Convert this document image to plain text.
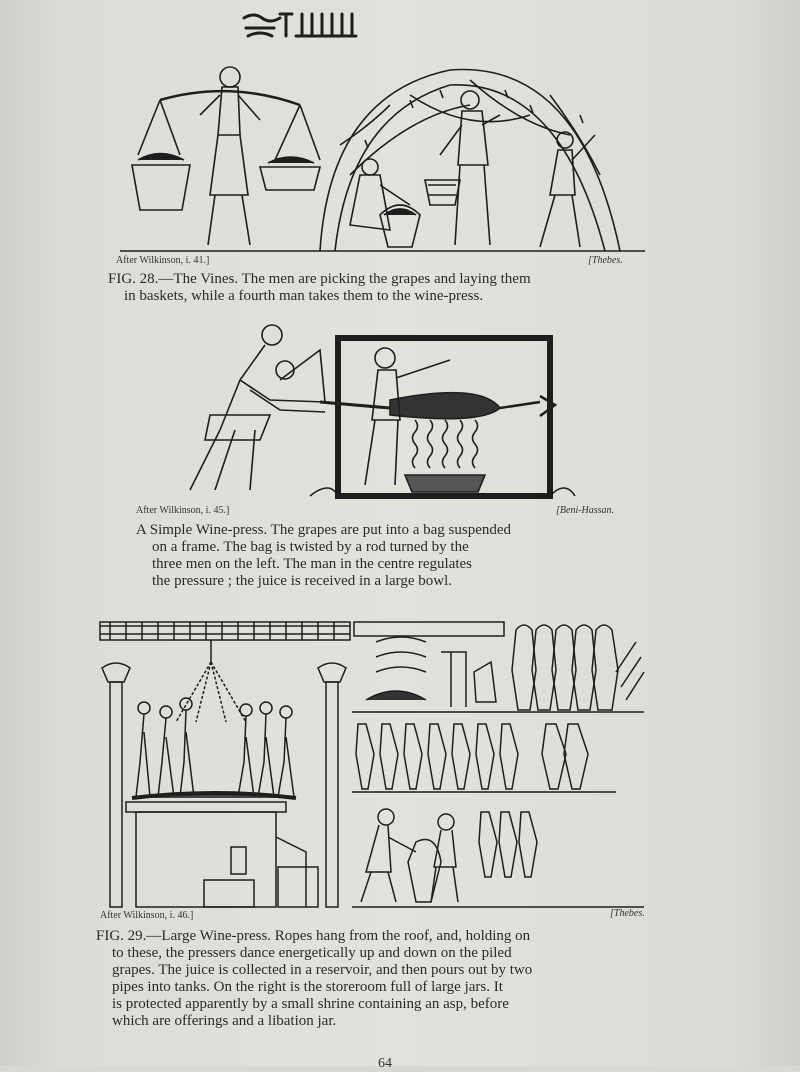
After Wilkinson, i. 41.]	[Thebes.
FIG. 28.—The Vines. The men are picking the grapes and laying them
in baskets, while a fourth man takes them to the wine-press.
After Wilkinson, i. 45.]	[Beni-Hassan.
A Simple Wine-press. The grapes are put into a bag suspended
on a frame. The bag is twisted by a rod turned by the
three men on the left. The man in the centre regulates
the pressure ; the juice is received in a large bowl.
After Wilkinson, i. 46.]	[Thebes.
FIG. 29.—Large Wine-press. Ropes hang from the roof, and, holding on
to these, the pressers dance energetically up and down on the piled
grapes. The juice is collected in a reservoir, and then pours out by two
pipes into tanks. On the right is the storeroom full of large jars. It
is protected apparently by a small shrine containing an asp, before
which are offerings and a libation jar.
64
